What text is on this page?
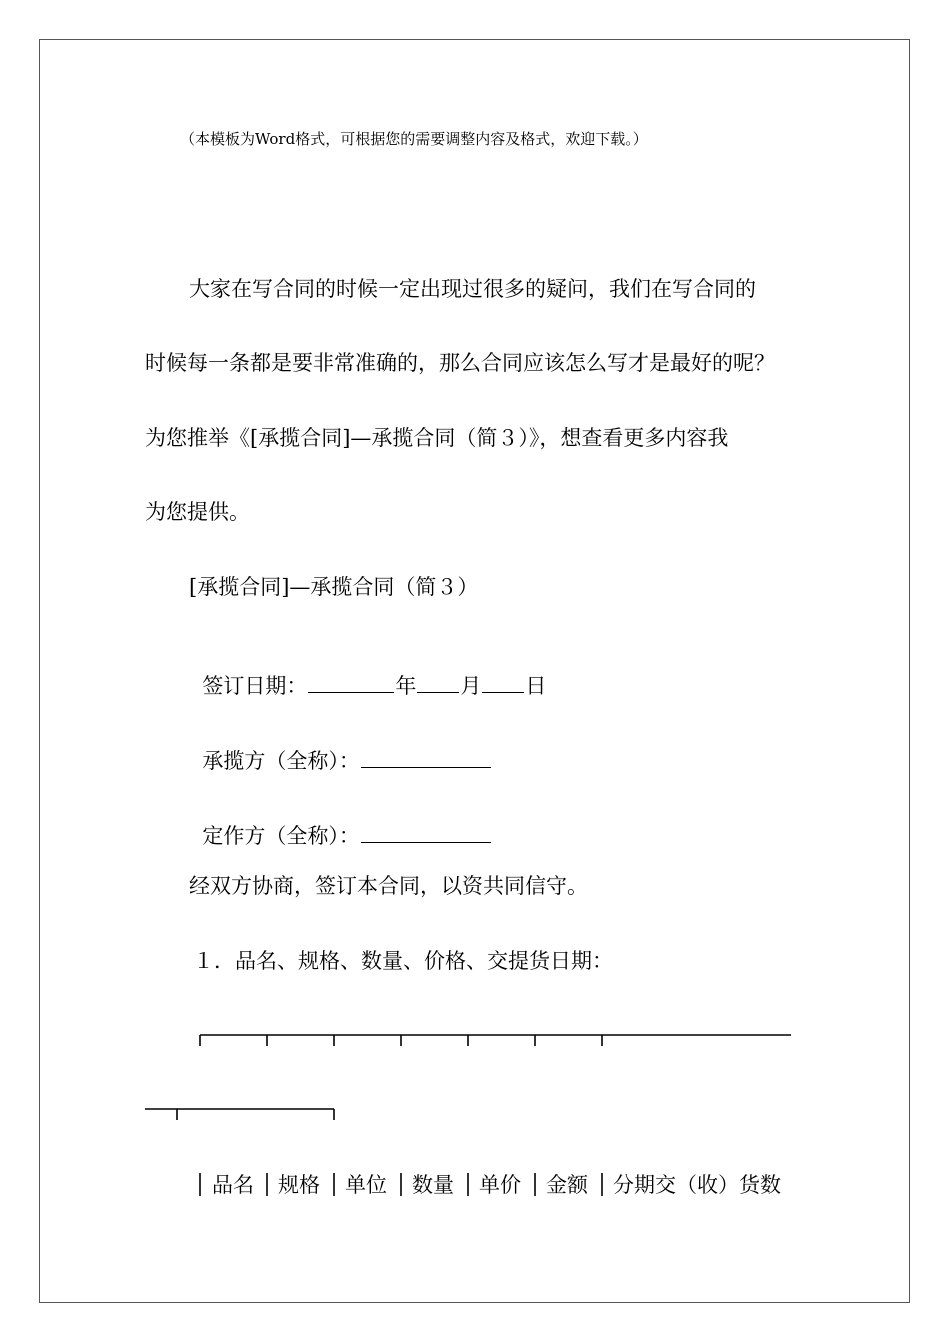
（本模板为Word格式，可根据您的需要调整内容及格式，欢迎下载。）
大家在写合同的时候一定出现过很多的疑问，我们在写合同的
时候每一条都是要非常准确的，那么合同应该怎么写才是最好的呢？
为您推举《[承揽合同]—承揽合同（简３）》，想查看更多内容我
为您提供。
[承揽合同]—承揽合同（简３）

签订日期：	年 月 日

承揽方（全称）：

定作方（全称）：

经双方协商，签订本合同，以资共同信守。
１．品名、规格、数量、价格、交提货日期：
品名 规格 单位 数量 单价 金额 分期交（收）货数
